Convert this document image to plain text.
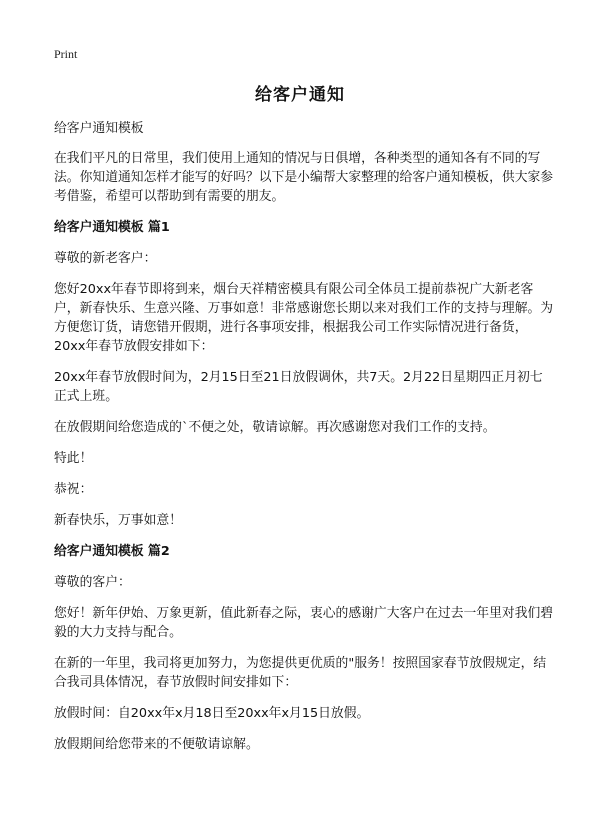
Print
给客户通知

给客户通知模板

在我们平凡的日常里，我们使用上通知的情况与日俱增，各种类型的通知各有不同的写法。你知道通知怎样才能写的好吗？以下是小编帮大家整理的给客户通知模板，供大家参考借鉴，希望可以帮助到有需要的朋友。

给客户通知模板 篇1

尊敬的新老客户：

您好20xx年春节即将到来，烟台天祥精密模具有限公司全体员工提前恭祝广大新老客户，新春快乐、生意兴隆、万事如意！非常感谢您长期以来对我们工作的支持与理解。为方便您订货，请您错开假期，进行各事项安排，根据我公司工作实际情况进行备货，20xx年春节放假安排如下：

20xx年春节放假时间为，2月15日至21日放假调休，共7天。2月22日星期四正月初七正式上班。

在放假期间给您造成的`不便之处，敬请谅解。再次感谢您对我们工作的支持。

特此！

恭祝：

新春快乐，万事如意！

给客户通知模板 篇2

尊敬的客户：

您好！新年伊始、万象更新，值此新春之际，衷心的感谢广大客户在过去一年里对我们碧毅的大力支持与配合。

在新的一年里，我司将更加努力，为您提供更优质的"服务！按照国家春节放假规定，结合我司具体情况，春节放假时间安排如下：

放假时间：自20xx年x月18日至20xx年x月15日放假。

放假期间给您带来的不便敬请谅解。
